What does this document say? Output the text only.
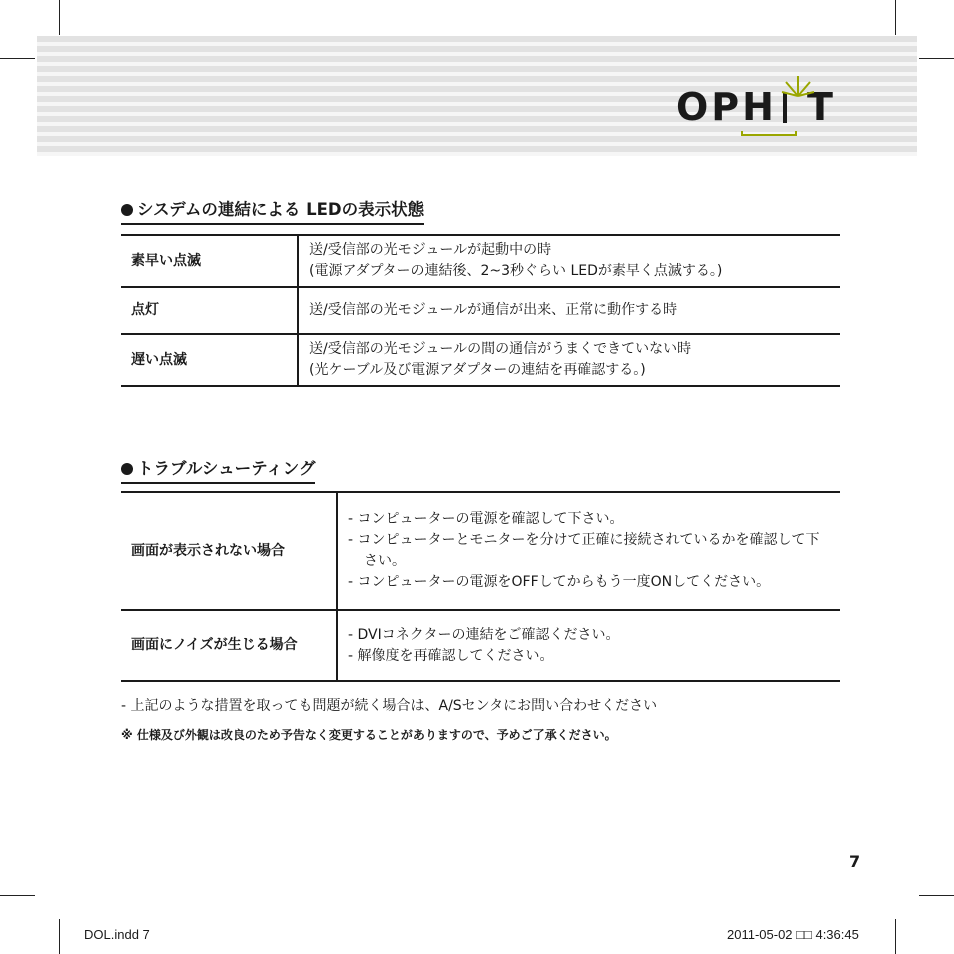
OPH T
シスデムの連結による LEDの表示状態
素早い点滅	送/受信部の光モジュールが起動中の時
(電源アダプターの連結後、2~3秒ぐらい LEDが素早く点滅する。)

点灯	送/受信部の光モジュールが通信が出来、正常に動作する時

遅い点滅	送/受信部の光モジュールの間の通信がうまくできていない時
(光ケーブル及び電源アダプターの連結を再確認する。)
トラブルシューティング
画面が表示されない場合	- コンピューターの電源を確認して下さい。
- コンピューターとモニターを分けて正確に接続されているかを確認して下さい。
- コンピューターの電源をOFFしてからもう一度ONしてください。

画面にノイズが生じる場合	- DVIコネクターの連結をご確認ください。
- 解像度を再確認してください。
- 上記のような措置を取っても問題が続く場合は、A/Sセンタにお問い合わせください
※ 仕様及び外観は改良のため予告なく変更することがありますので、予めご了承ください。
7
DOL.indd 7	2011-05-02 □□ 4:36:45
